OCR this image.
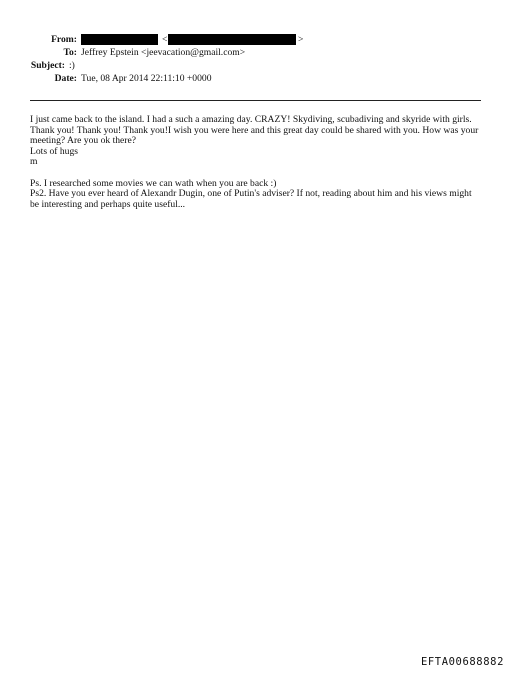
From:	<	>
To: Jeffrey Epstein <jeevacation@gmail.com>
Subject: :)
Date: Tue, 08 Apr 2014 22:11:10 +0000

I just came back to the island. I had a such a amazing day. CRAZY! Skydiving, scubadiving and skyride with girls. Thank you! Thank you! Thank you!I wish you were here and this great day could be shared with you. How was your meeting? Are you ok there?

Lots of hugs

m

Ps. I researched some movies we can wath when you are back :)

Ps2. Have you ever heard of Alexandr Dugin, one of Putin's adviser? If not, reading about him and his views might be interesting and perhaps quite useful...

EFTA00688882
